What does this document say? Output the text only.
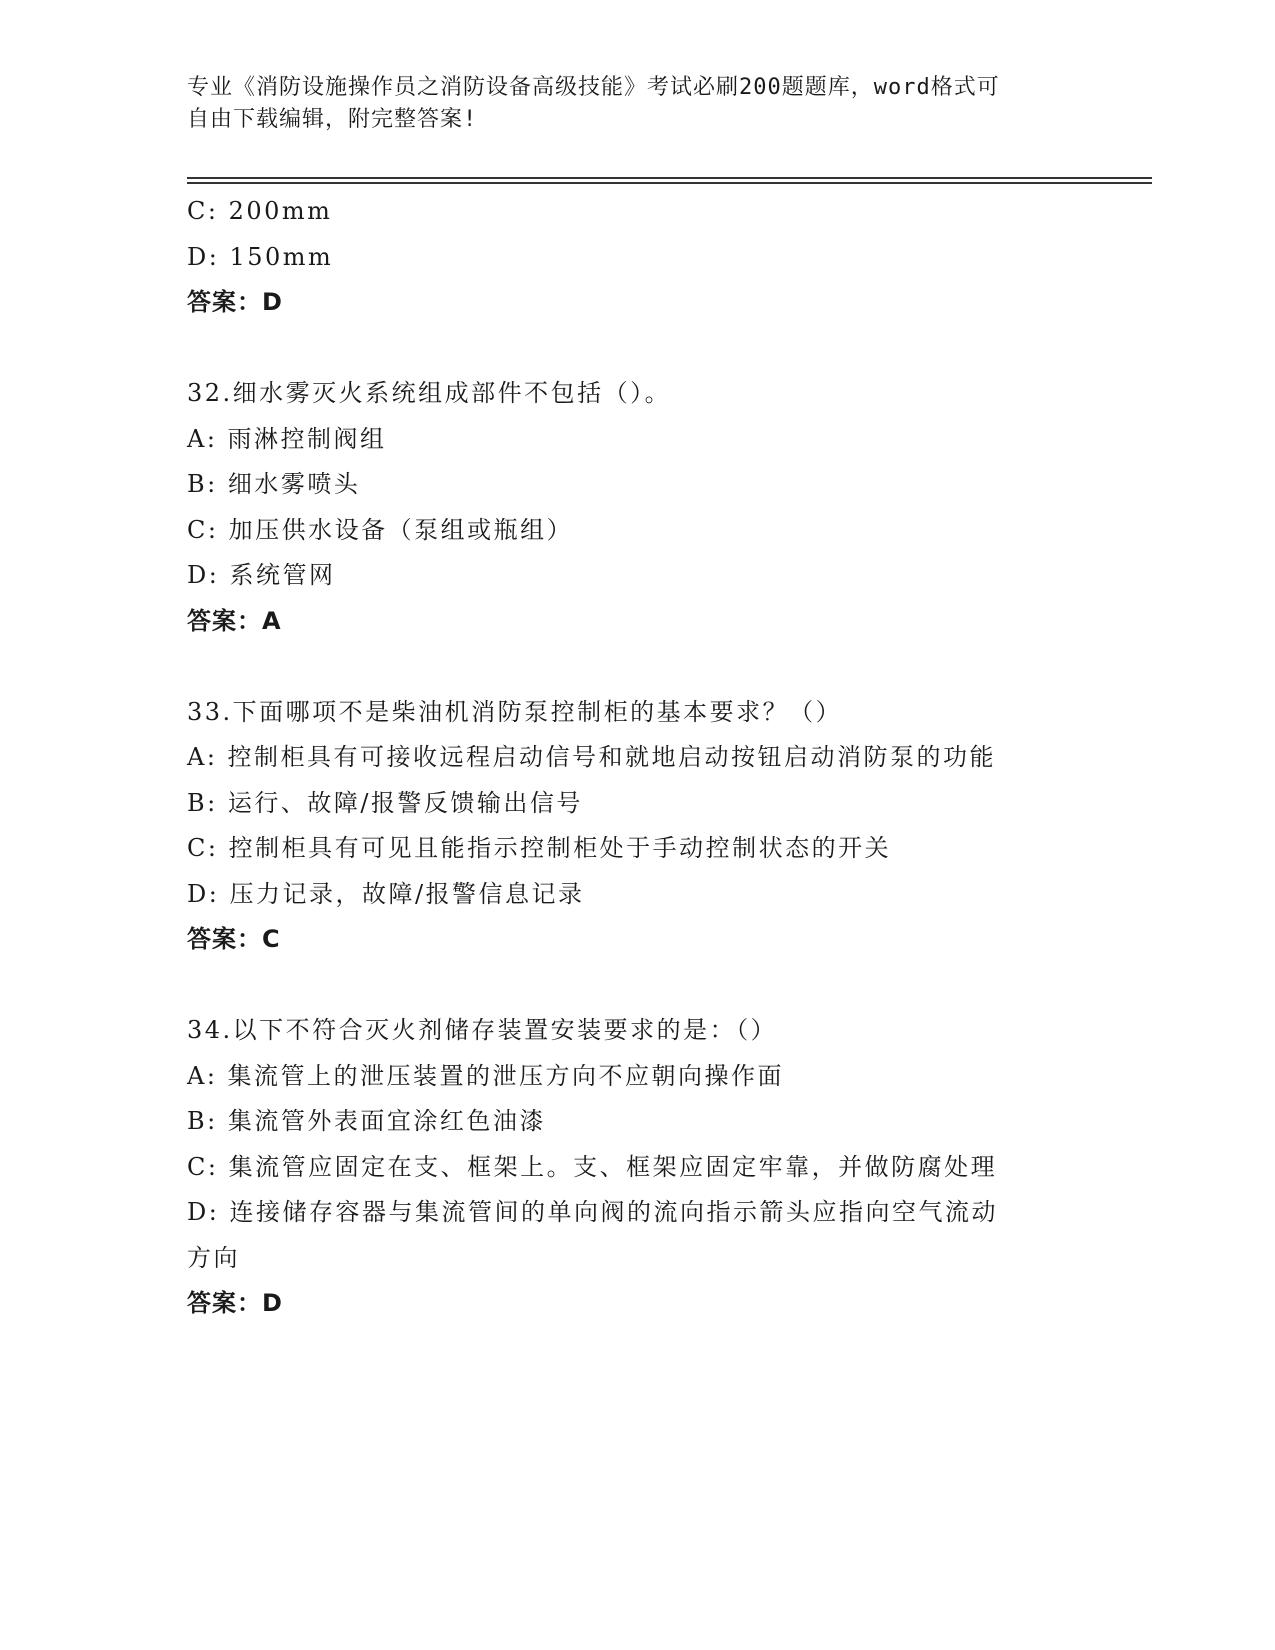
专业《消防设施操作员之消防设备高级技能》考试必刷200题题库，word格式可
自由下载编辑，附完整答案!
C: 200mm
D: 150mm
答案：D
32.细水雾灭火系统组成部件不包括（）。
A: 雨淋控制阀组
B: 细水雾喷头
C: 加压供水设备（泵组或瓶组）
D: 系统管网
答案：A
33.下面哪项不是柴油机消防泵控制柜的基本要求？（）
A: 控制柜具有可接收远程启动信号和就地启动按钮启动消防泵的功能
B: 运行、故障/报警反馈输出信号
C: 控制柜具有可见且能指示控制柜处于手动控制状态的开关
D: 压力记录，故障/报警信息记录
答案：C
34.以下不符合灭火剂储存装置安装要求的是：（）
A: 集流管上的泄压装置的泄压方向不应朝向操作面
B: 集流管外表面宜涂红色油漆
C: 集流管应固定在支、框架上。支、框架应固定牢靠，并做防腐处理
D: 连接储存容器与集流管间的单向阀的流向指示箭头应指向空气流动
方向
答案：D
